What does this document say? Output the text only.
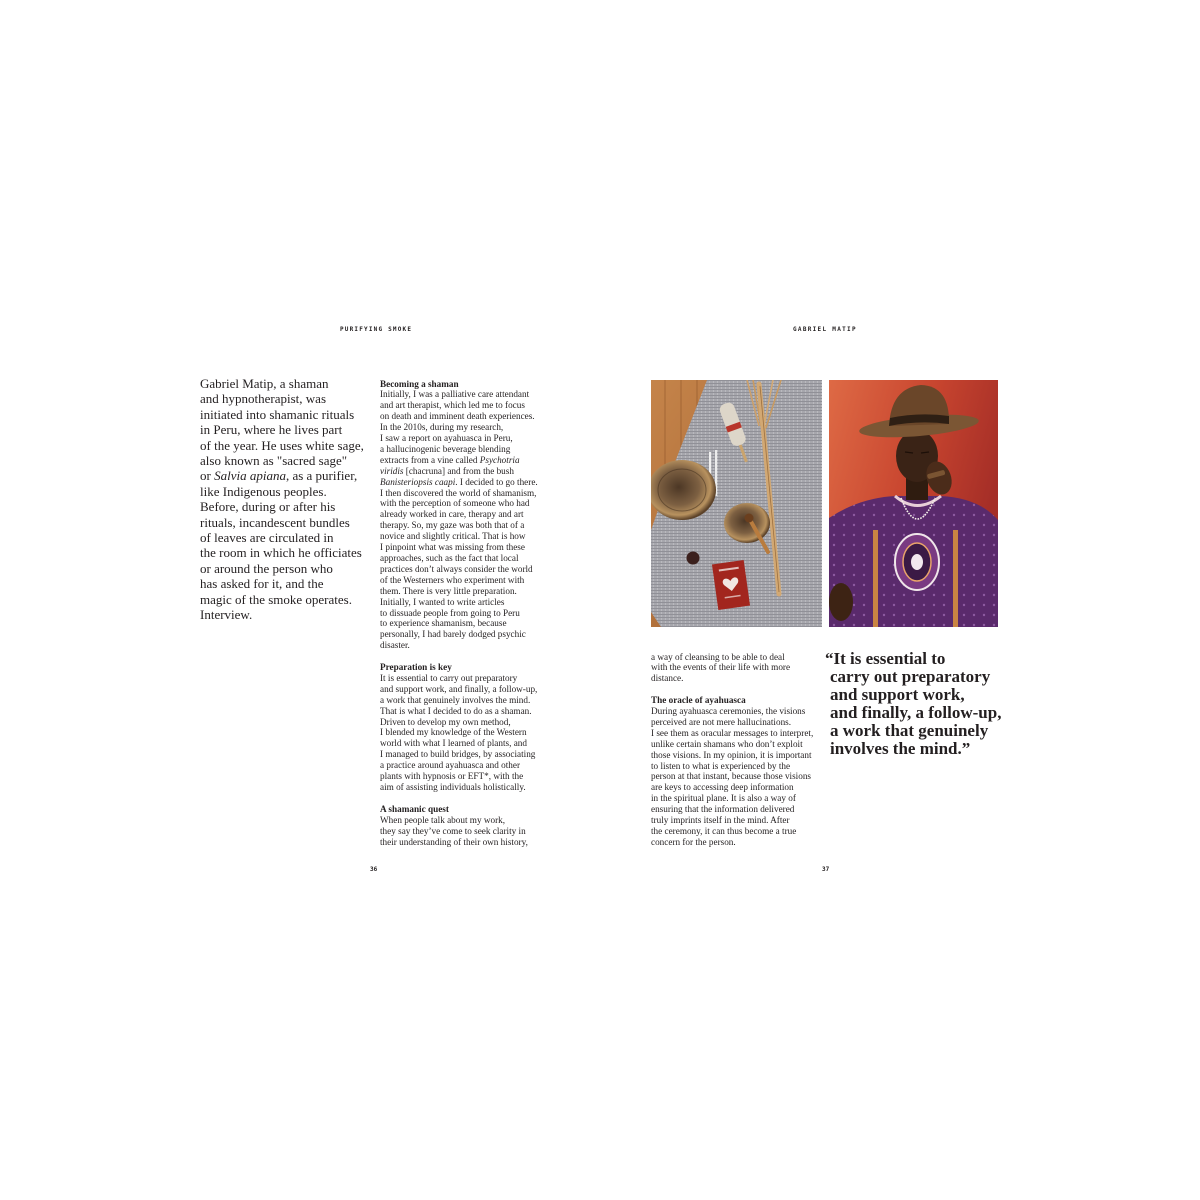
PURIFYING SMOKE
Gabriel Matip, a shaman
and hypnotherapist, was
initiated into shamanic rituals
in Peru, where he lives part
of the year. He uses white sage,
also known as "sacred sage"
or Salvia apiana, as a purifier,
like Indigenous peoples.
Before, during or after his
rituals, incandescent bundles
of leaves are circulated in
the room in which he officiates
or around the person who
has asked for it, and the
magic of the smoke operates.
Interview.
Becoming a shaman
Initially, I was a palliative care attendant
and art therapist, which led me to focus
on death and imminent death experiences.
In the 2010s, during my research,
I saw a report on ayahuasca in Peru,
a hallucinogenic beverage blending
extracts from a vine called Psychotria
viridis [chacruna] and from the bush
Banisteriopsis caapi. I decided to go there.
I then discovered the world of shamanism,
with the perception of someone who had
already worked in care, therapy and art
therapy. So, my gaze was both that of a
novice and slightly critical. That is how
I pinpoint what was missing from these
approaches, such as the fact that local
practices don’t always consider the world
of the Westerners who experiment with
them. There is very little preparation.
Initially, I wanted to write articles
to dissuade people from going to Peru
to experience shamanism, because
personally, I had barely dodged psychic
disaster.
Preparation is key
It is essential to carry out preparatory
and support work, and finally, a follow-up,
a work that genuinely involves the mind.
That is what I decided to do as a shaman.
Driven to develop my own method,
I blended my knowledge of the Western
world with what I learned of plants, and
I managed to build bridges, by associating
a practice around ayahuasca and other
plants with hypnosis or EFT*, with the
aim of assisting individuals holistically.
A shamanic quest
When people talk about my work,
they say they’ve come to seek clarity in
their understanding of their own history,
36
GABRIEL MATIP
a way of cleansing to be able to deal
with the events of their life with more
distance.
The oracle of ayahuasca
During ayahuasca ceremonies, the visions
perceived are not mere hallucinations.
I see them as oracular messages to interpret,
unlike certain shamans who don’t exploit
those visions. In my opinion, it is important
to listen to what is experienced by the
person at that instant, because those visions
are keys to accessing deep information
in the spiritual plane. It is also a way of
ensuring that the information delivered
truly imprints itself in the mind. After
the ceremony, it can thus become a true
concern for the person.
“It is essential to
carry out preparatory
and support work,
and finally, a follow-up,
a work that genuinely
involves the mind.”
37
